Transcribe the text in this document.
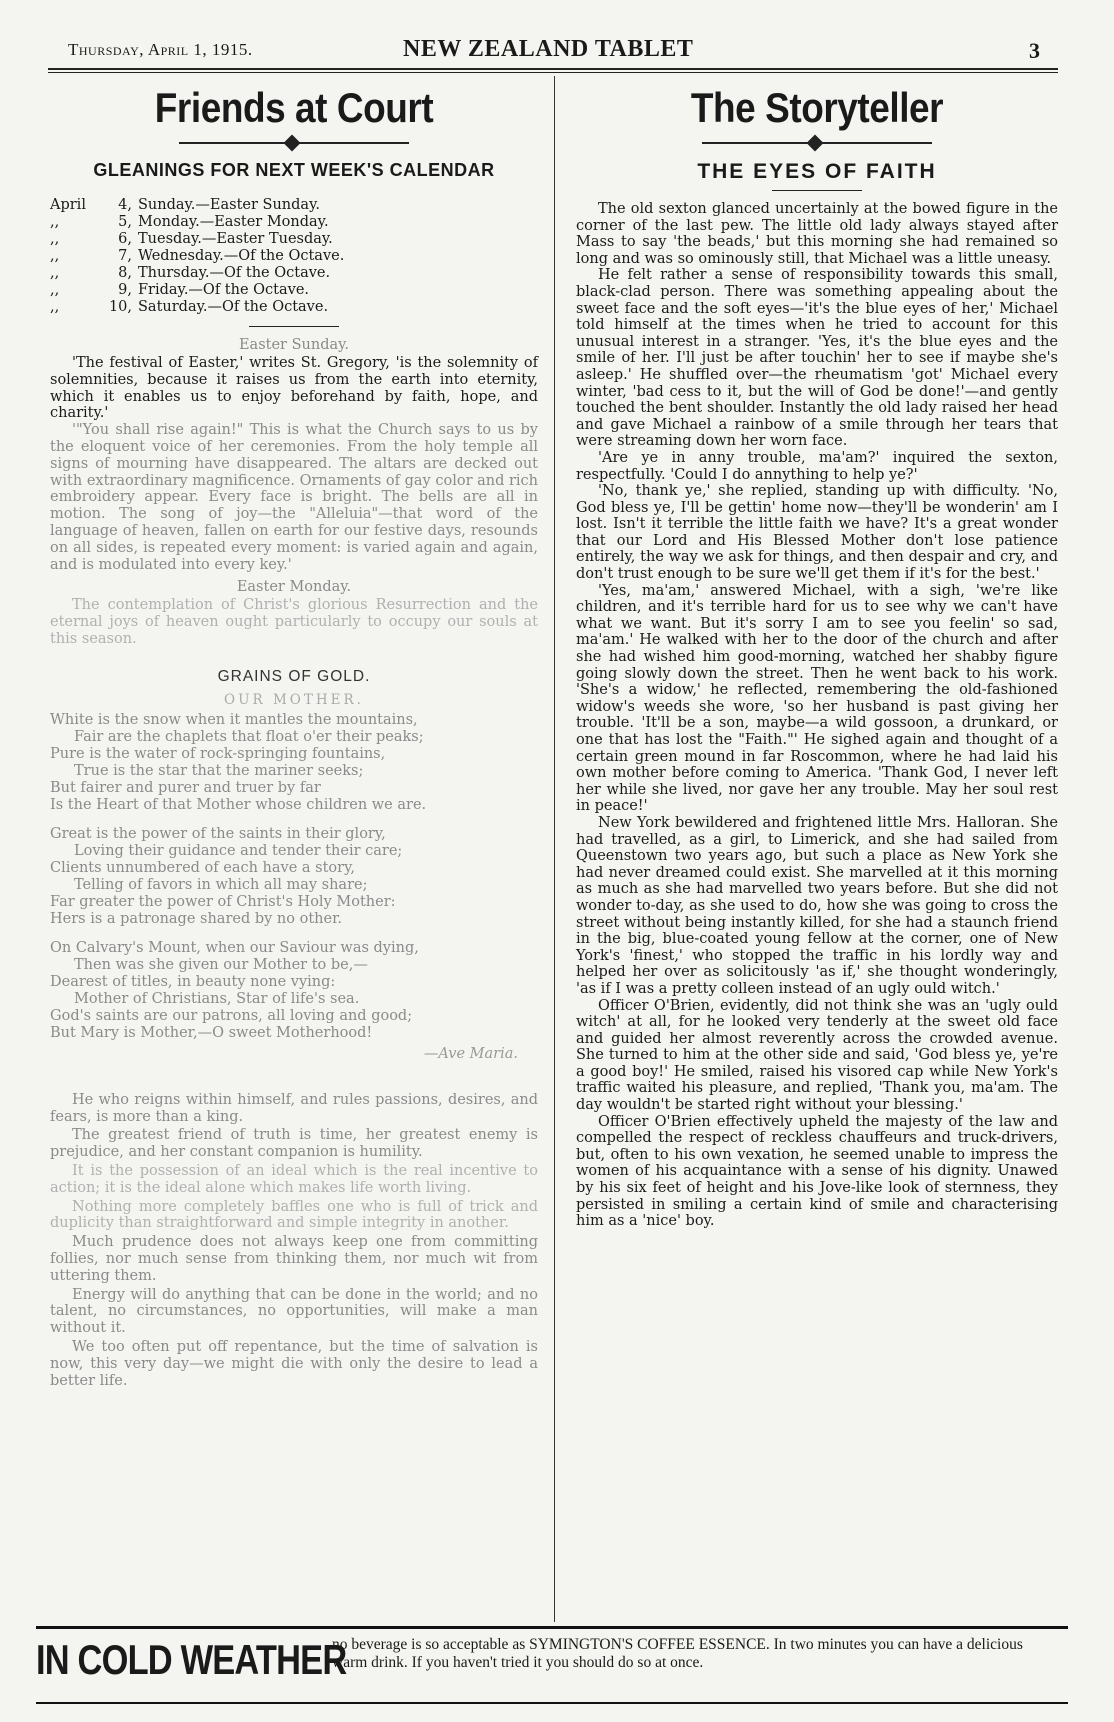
Thursday, April 1, 1915.	NEW ZEALAND TABLET	3
Friends at Court
GLEANINGS FOR NEXT WEEK'S CALENDAR
April	4, Sunday.—Easter Sunday.
,,	5, Monday.—Easter Monday.
,,	6, Tuesday.—Easter Tuesday.
,,	7, Wednesday.—Of the Octave.
,,	8, Thursday.—Of the Octave.
,,	9, Friday.—Of the Octave.
,,	10, Saturday.—Of the Octave.
Easter Sunday.

'The festival of Easter,' writes St. Gregory, 'is the solemnity of solemnities, because it raises us from the earth into eternity, which it enables us to enjoy beforehand by faith, hope, and charity.'

'"You shall rise again!" This is what the Church says to us by the eloquent voice of her ceremonies. From the holy temple all signs of mourning have disappeared. The altars are decked out with extraordinary magnificence. Ornaments of gay color and rich embroidery appear. Every face is bright. The bells are all in motion. The song of joy—the "Alleluia"—that word of the language of heaven, fallen on earth for our festive days, resounds on all sides, is repeated every moment: is varied again and again, and is modulated into every key.'

Easter Monday.

The contemplation of Christ's glorious Resurrection and the eternal joys of heaven ought particularly to occupy our souls at this season.

GRAINS OF GOLD.
OUR MOTHER.
White is the snow when it mantles the mountains,
Fair are the chaplets that float o'er their peaks;
Pure is the water of rock-springing fountains,
True is the star that the mariner seeks;
But fairer and purer and truer by far
Is the Heart of that Mother whose children we are.
Great is the power of the saints in their glory,
Loving their guidance and tender their care;
Clients unnumbered of each have a story,
Telling of favors in which all may share;
Far greater the power of Christ's Holy Mother:
Hers is a patronage shared by no other.
On Calvary's Mount, when our Saviour was dying,
Then was she given our Mother to be,—
Dearest of titles, in beauty none vying:
Mother of Christians, Star of life's sea.
God's saints are our patrons, all loving and good;
But Mary is Mother,—O sweet Motherhood!
—Ave Maria.

He who reigns within himself, and rules passions, desires, and fears, is more than a king.

The greatest friend of truth is time, her greatest enemy is prejudice, and her constant companion is humility.

It is the possession of an ideal which is the real incentive to action; it is the ideal alone which makes life worth living.

Nothing more completely baffles one who is full of trick and duplicity than straightforward and simple integrity in another.

Much prudence does not always keep one from committing follies, nor much sense from thinking them, nor much wit from uttering them.

Energy will do anything that can be done in the world; and no talent, no circumstances, no opportunities, will make a man without it.

We too often put off repentance, but the time of salvation is now, this very day—we might die with only the desire to lead a better life.

The Storyteller
THE EYES OF FAITH

The old sexton glanced uncertainly at the bowed figure in the corner of the last pew. The little old lady always stayed after Mass to say 'the beads,' but this morning she had remained so long and was so ominously still, that Michael was a little uneasy.

He felt rather a sense of responsibility towards this small, black-clad person. There was something appealing about the sweet face and the soft eyes—'it's the blue eyes of her,' Michael told himself at the times when he tried to account for this unusual interest in a stranger. 'Yes, it's the blue eyes and the smile of her. I'll just be after touchin' her to see if maybe she's asleep.' He shuffled over—the rheumatism 'got' Michael every winter, 'bad cess to it, but the will of God be done!'—and gently touched the bent shoulder. Instantly the old lady raised her head and gave Michael a rainbow of a smile through her tears that were streaming down her worn face.

'Are ye in anny trouble, ma'am?' inquired the sexton, respectfully. 'Could I do annything to help ye?'

'No, thank ye,' she replied, standing up with difficulty. 'No, God bless ye, I'll be gettin' home now—they'll be wonderin' am I lost. Isn't it terrible the little faith we have? It's a great wonder that our Lord and His Blessed Mother don't lose patience entirely, the way we ask for things, and then despair and cry, and don't trust enough to be sure we'll get them if it's for the best.'

'Yes, ma'am,' answered Michael, with a sigh, 'we're like children, and it's terrible hard for us to see why we can't have what we want. But it's sorry I am to see you feelin' so sad, ma'am.' He walked with her to the door of the church and after she had wished him good-morning, watched her shabby figure going slowly down the street. Then he went back to his work. 'She's a widow,' he reflected, remembering the old-fashioned widow's weeds she wore, 'so her husband is past giving her trouble. 'It'll be a son, maybe—a wild gossoon, a drunkard, or one that has lost the "Faith."' He sighed again and thought of a certain green mound in far Roscommon, where he had laid his own mother before coming to America. 'Thank God, I never left her while she lived, nor gave her any trouble. May her soul rest in peace!'

New York bewildered and frightened little Mrs. Halloran. She had travelled, as a girl, to Limerick, and she had sailed from Queenstown two years ago, but such a place as New York she had never dreamed could exist. She marvelled at it this morning as much as she had marvelled two years before. But she did not wonder to-day, as she used to do, how she was going to cross the street without being instantly killed, for she had a staunch friend in the big, blue-coated young fellow at the corner, one of New York's 'finest,' who stopped the traffic in his lordly way and helped her over as solicitously 'as if,' she thought wonderingly, 'as if I was a pretty colleen instead of an ugly ould witch.'

Officer O'Brien, evidently, did not think she was an 'ugly ould witch' at all, for he looked very tenderly at the sweet old face and guided her almost reverently across the crowded avenue. She turned to him at the other side and said, 'God bless ye, ye're a good boy!' He smiled, raised his visored cap while New York's traffic waited his pleasure, and replied, 'Thank you, ma'am. The day wouldn't be started right without your blessing.'

Officer O'Brien effectively upheld the majesty of the law and compelled the respect of reckless chauffeurs and truck-drivers, but, often to his own vexation, he seemed unable to impress the women of his acquaintance with a sense of his dignity. Unawed by his six feet of height and his Jove-like look of sternness, they persisted in smiling a certain kind of smile and characterising him as a 'nice' boy.

IN COLD WEATHER
no beverage is so acceptable as SYMINGTON'S COFFEE ESSENCE. In two minutes you can have a delicious warm drink. If you haven't tried it you should do so at once.
